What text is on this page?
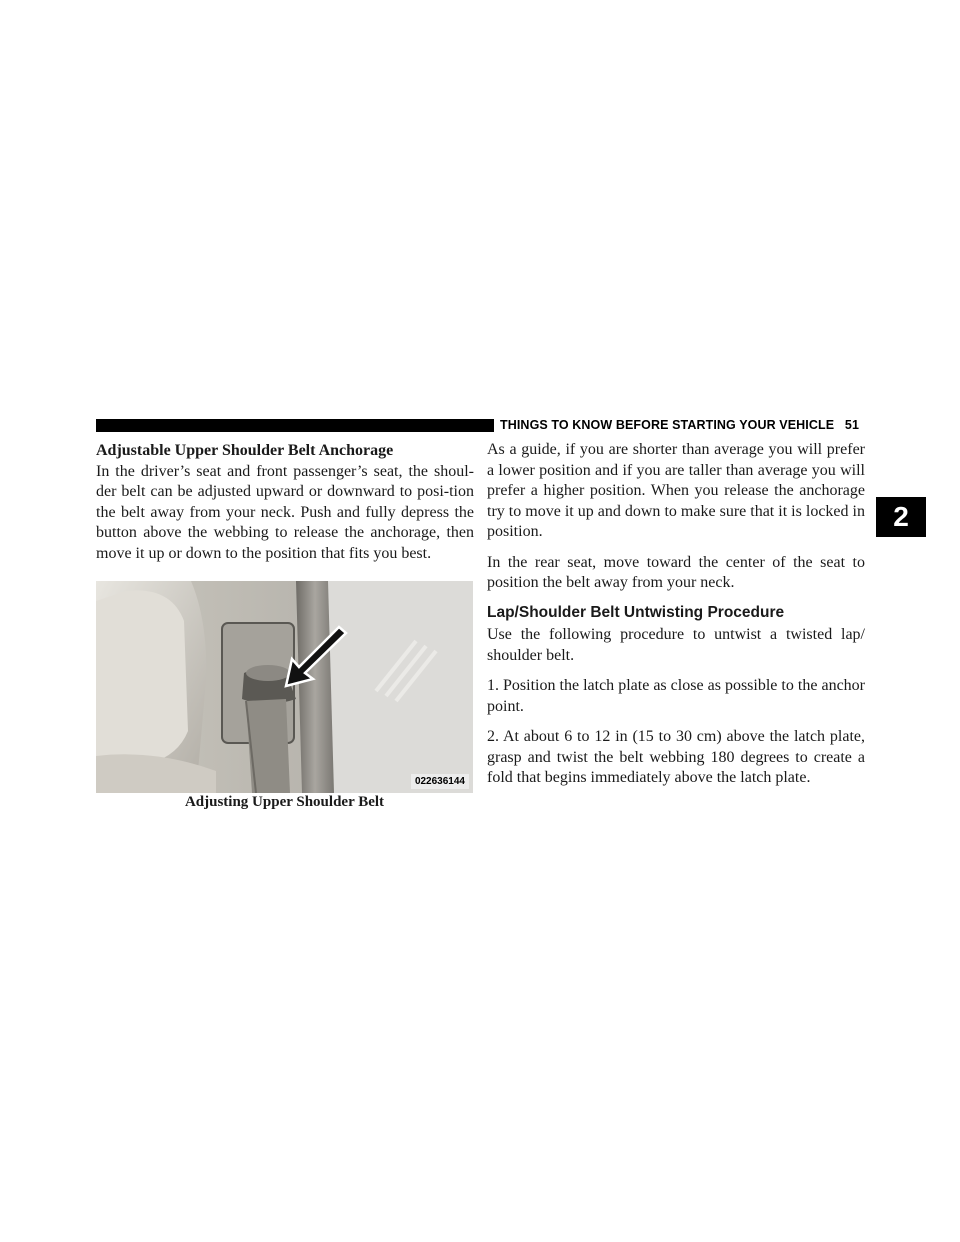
THINGS TO KNOW BEFORE STARTING YOUR VEHICLE 51
2

Adjustable Upper Shoulder Belt Anchorage

In the driver’s seat and front passenger’s seat, the shoul-der belt can be adjusted upward or downward to posi-tion the belt away from your neck. Push and fully depress the button above the webbing to release the anchorage, then move it up or down to the position that fits you best.

022636144
Adjusting Upper Shoulder Belt

As a guide, if you are shorter than average you will prefer a lower position and if you are taller than average you will prefer a higher position. When you release the anchorage try to move it up and down to make sure that it is locked in position.

In the rear seat, move toward the center of the seat to position the belt away from your neck.

Lap/Shoulder Belt Untwisting Procedure

Use the following procedure to untwist a twisted lap/ shoulder belt.

1. Position the latch plate as close as possible to the anchor point.

2. At about 6 to 12 in (15 to 30 cm) above the latch plate, grasp and twist the belt webbing 180 degrees to create a fold that begins immediately above the latch plate.
